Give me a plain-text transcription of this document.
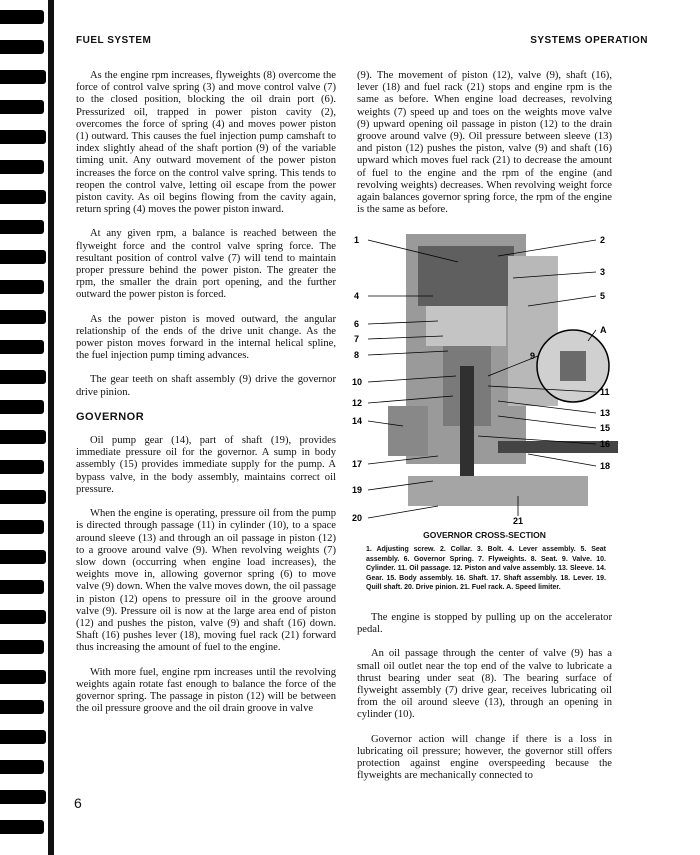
FUEL SYSTEM	SYSTEMS OPERATION

As the engine rpm increases, flyweights (8) overcome the force of control valve spring (3) and move control valve (7) to the closed position, blocking the oil drain port (6). Pressurized oil, trapped in power piston cavity (2), overcomes the force of spring (4) and moves power piston (1) outward. This causes the fuel injection pump camshaft to index slightly ahead of the shaft portion (9) of the variable timing unit. Any outward movement of the power piston increases the force on the control valve spring. This tends to reopen the control valve, letting oil escape from the power piston cavity. As oil begins flowing from the cavity again, return spring (4) moves the power piston inward.

At any given rpm, a balance is reached between the flyweight force and the control valve spring force. The resultant position of control valve (7) will tend to maintain proper pressure behind the power piston. The greater the rpm, the smaller the drain port opening, and the further outward the power piston is forced.

As the power piston is moved outward, the angular relationship of the ends of the drive unit change. As the power piston moves forward in the internal helical spline, the fuel injection pump timing advances.

The gear teeth on shaft assembly (9) drive the governor drive pinion.

GOVERNOR

Oil pump gear (14), part of shaft (19), provides immediate pressure oil for the governor. A sump in body assembly (15) provides immediate supply for the pump. A bypass valve, in the body assembly, maintains correct oil pressure.

When the engine is operating, pressure oil from the pump is directed through passage (11) in cylinder (10), to a space around sleeve (13) and through an oil passage in piston (12) to a groove around valve (9). When revolving weights (7) slow down (occurring when engine load increases), the weights move in, allowing governor spring (6) to move valve (9) down. When the valve moves down, the oil passage in piston (12) opens to pressure oil in the groove around valve (9). Pressure oil is now at the large area end of piston (12) and pushes the piston, valve (9) and shaft (16) down. Shaft (16) pushes lever (18), moving fuel rack (21) forward thus increasing the amount of fuel to the engine.

With more fuel, engine rpm increases until the revolving weights again rotate fast enough to balance the force of the governor spring. The passage in piston (12) will be between the oil pressure groove and the oil drain groove in valve

(9). The movement of piston (12), valve (9), shaft (16), lever (18) and fuel rack (21) stops and engine rpm is the same as before. When engine load decreases, revolving weights (7) speed up and toes on the weights move valve (9) upward opening oil passage in piston (12) to the drain groove around valve (9). Oil pressure between sleeve (13) and piston (12) pushes the piston, valve (9) and shaft (16) upward which moves fuel rack (21) to decrease the amount of fuel to the engine and the rpm of the engine (and revolving weights) decreases. When revolving weight force again balances governor spring force, the rpm of the engine is the same as before.

1	2
3
4	5
6
A
7
8	9
10
11
12
13
14
15
16
17	18
19
20	21
GOVERNOR CROSS-SECTION
1. Adjusting screw. 2. Collar. 3. Bolt. 4. Lever assembly. 5. Seat assembly. 6. Governor Spring. 7. Flyweights. 8. Seat. 9. Valve. 10. Cylinder. 11. Oil passage. 12. Piston and valve assembly. 13. Sleeve. 14. Gear. 15. Body assembly. 16. Shaft. 17. Shaft assembly. 18. Lever. 19. Quill shaft. 20. Drive pinion. 21. Fuel rack. A. Speed limiter.

The engine is stopped by pulling up on the accelerator pedal.

An oil passage through the center of valve (9) has a small oil outlet near the top end of the valve to lubricate a thrust bearing under seat (8). The bearing surface of flyweight assembly (7) drive gear, receives lubricating oil from the oil around sleeve (13), through an opening in cylinder (10).

Governor action will change if there is a loss in lubricating oil pressure; however, the governor still offers protection against engine overspeeding because the flyweights are mechanically connected to

6
